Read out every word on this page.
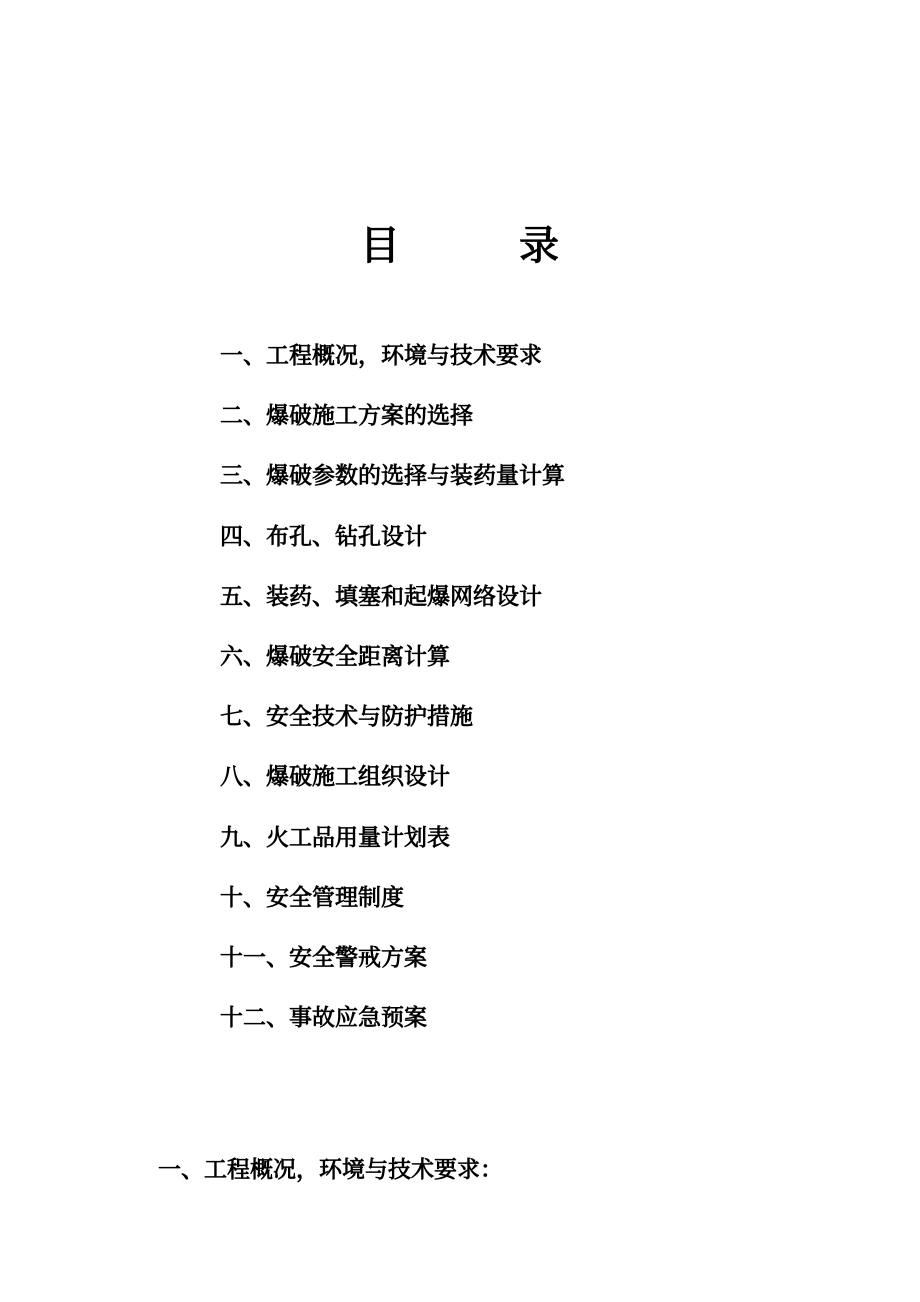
目	录
一、工程概况，环境与技术要求
二、爆破施工方案的选择
三、爆破参数的选择与装药量计算
四、布孔、钻孔设计
五、装药、填塞和起爆网络设计
六、爆破安全距离计算
七、安全技术与防护措施
八、爆破施工组织设计
九、火工品用量计划表
十、安全管理制度
十一、安全警戒方案
十二、事故应急预案
一、工程概况，环境与技术要求：
